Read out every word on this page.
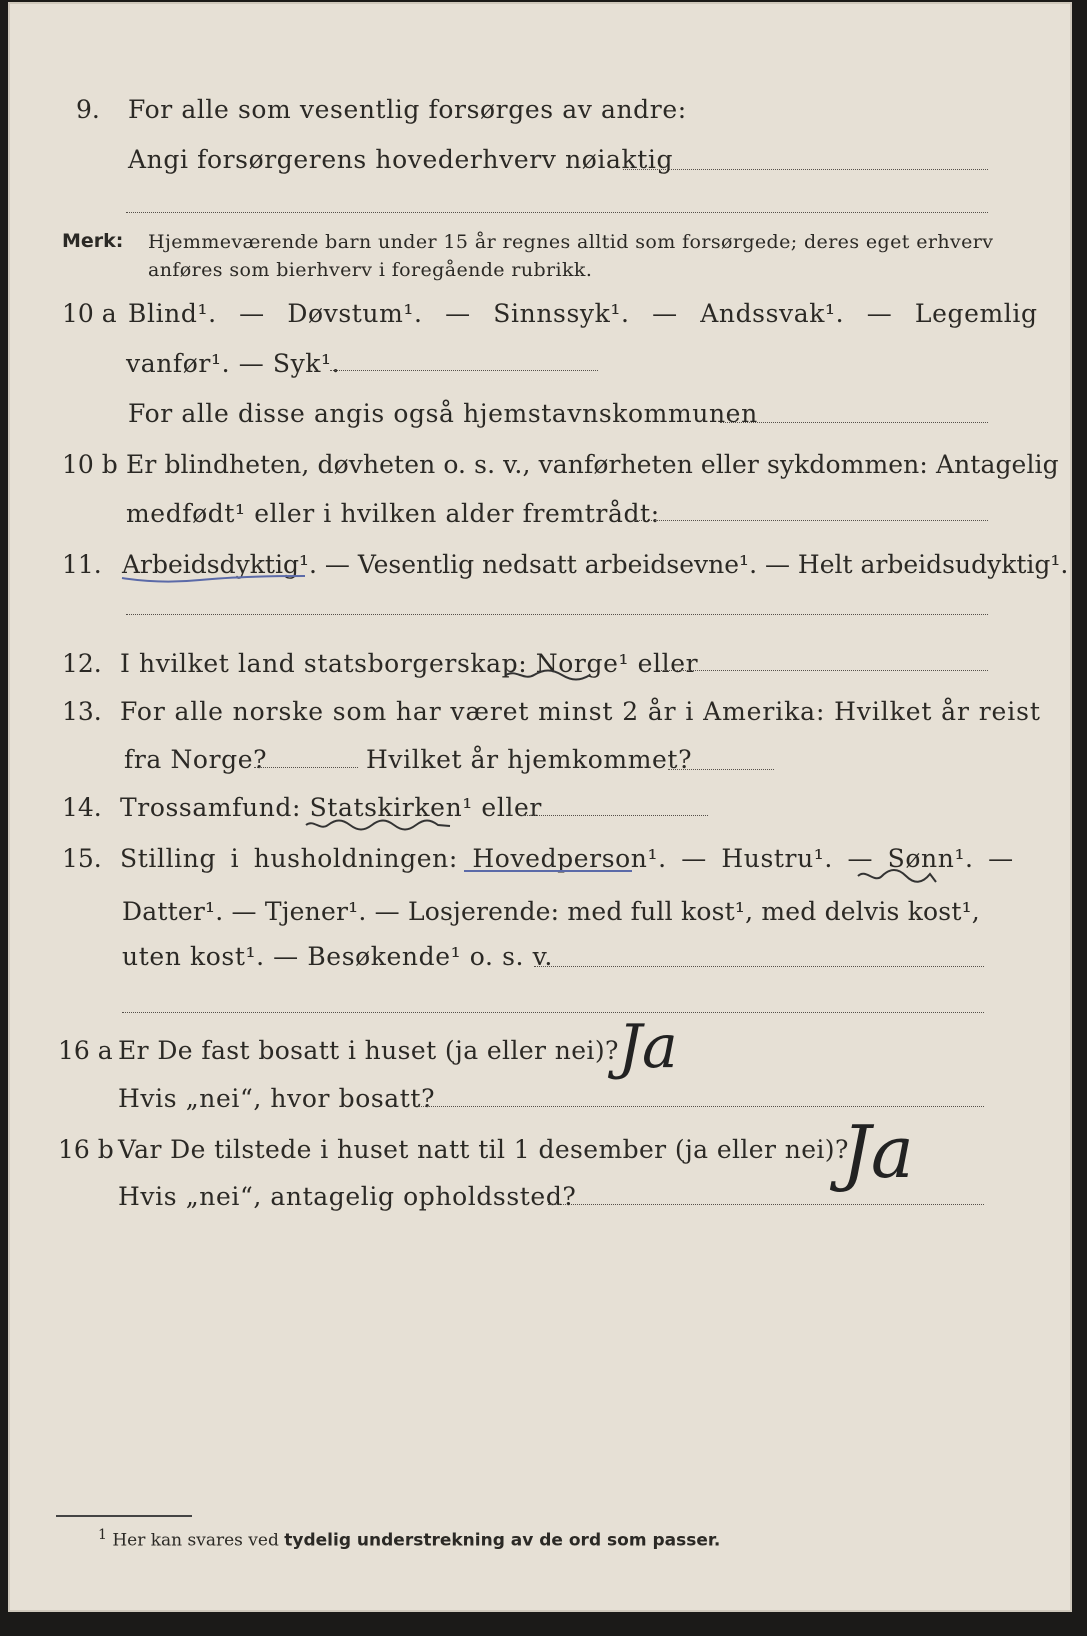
9. For alle som vesentlig forsørges av andre:
Angi forsørgerens hovederhverv nøiaktig
Merk: Hjemmeværende barn under 15 år regnes alltid som forsørgede; deres eget erhverv
anføres som bierhverv i foregående rubrikk.
10 a Blind¹. — Døvstum¹. — Sinnssyk¹. — Andssvak¹. — Legemlig
vanfør¹. — Syk¹.
For alle disse angis også hjemstavnskommunen
10 b Er blindheten, døvheten o. s. v., vanførheten eller sykdommen: Antagelig
medfødt¹ eller i hvilken alder fremtrådt:
11. Arbeidsdyktig¹. — Vesentlig nedsatt arbeidsevne¹. — Helt arbeidsudyktig¹.
12. I hvilket land statsborgerskap: Norge¹ eller
13. For alle norske som har været minst 2 år i Amerika: Hvilket år reist
fra Norge?	Hvilket år hjemkommet?
14. Trossamfund: Statskirken¹ eller
15. Stilling i husholdningen: Hovedperson¹. — Hustru¹. — Sønn¹. —
Datter¹. — Tjener¹. — Losjerende: med full kost¹, med delvis kost¹,
uten kost¹. — Besøkende¹ o. s. v.
16 a Er De fast bosatt i huset (ja eller nei)? Ja
Hvis „nei“, hvor bosatt?
16 b Var De tilstede i huset natt til 1 desember (ja eller nei)?
Ja
Hvis „nei“, antagelig opholdssted?
$^1$ Her kan svares ved tydelig understrekning av de ord som passer.
